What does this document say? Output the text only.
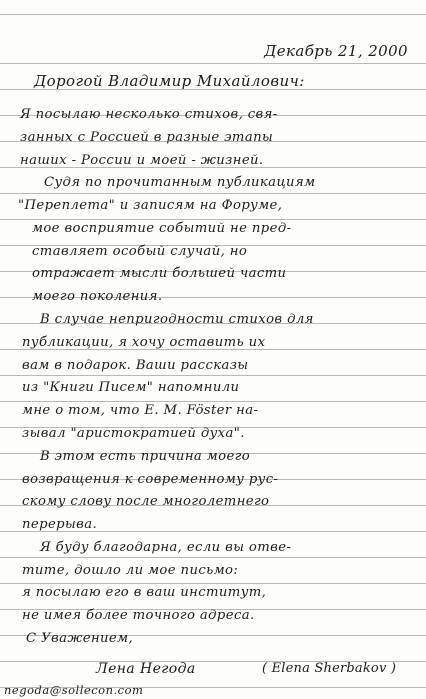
Декабрь 21, 2000
Дорогой Владимир Михайлович:
Я посылаю несколько стихов, свя-
занных с Россией в разные этапы
наших - России и моей - жизней.
Судя по прочитанным публикациям
"Переплета" и записям на Форуме,
мое восприятие событий не пред-
ставляет особый случай, но
отражает мысли большей части
моего поколения.
В случае непригодности стихов для
публикации, я хочу оставить их
вам в подарок. Ваши рассказы
из "Книги Писем" напомнили
мне о том, что E. M. Föster на-
зывал "аристократией духа".
В этом есть причина моего
возвращения к современному рус-
скому слову после многолетнего
перерыва.
Я буду благодарна, если вы отве-
тите, дошло ли мое письмо:
я посылаю его в ваш институт,
не имея более точного адреса.
С Уважением,
Лена Негода	( Elena Sherbakov )
negoda@sollecon.com
